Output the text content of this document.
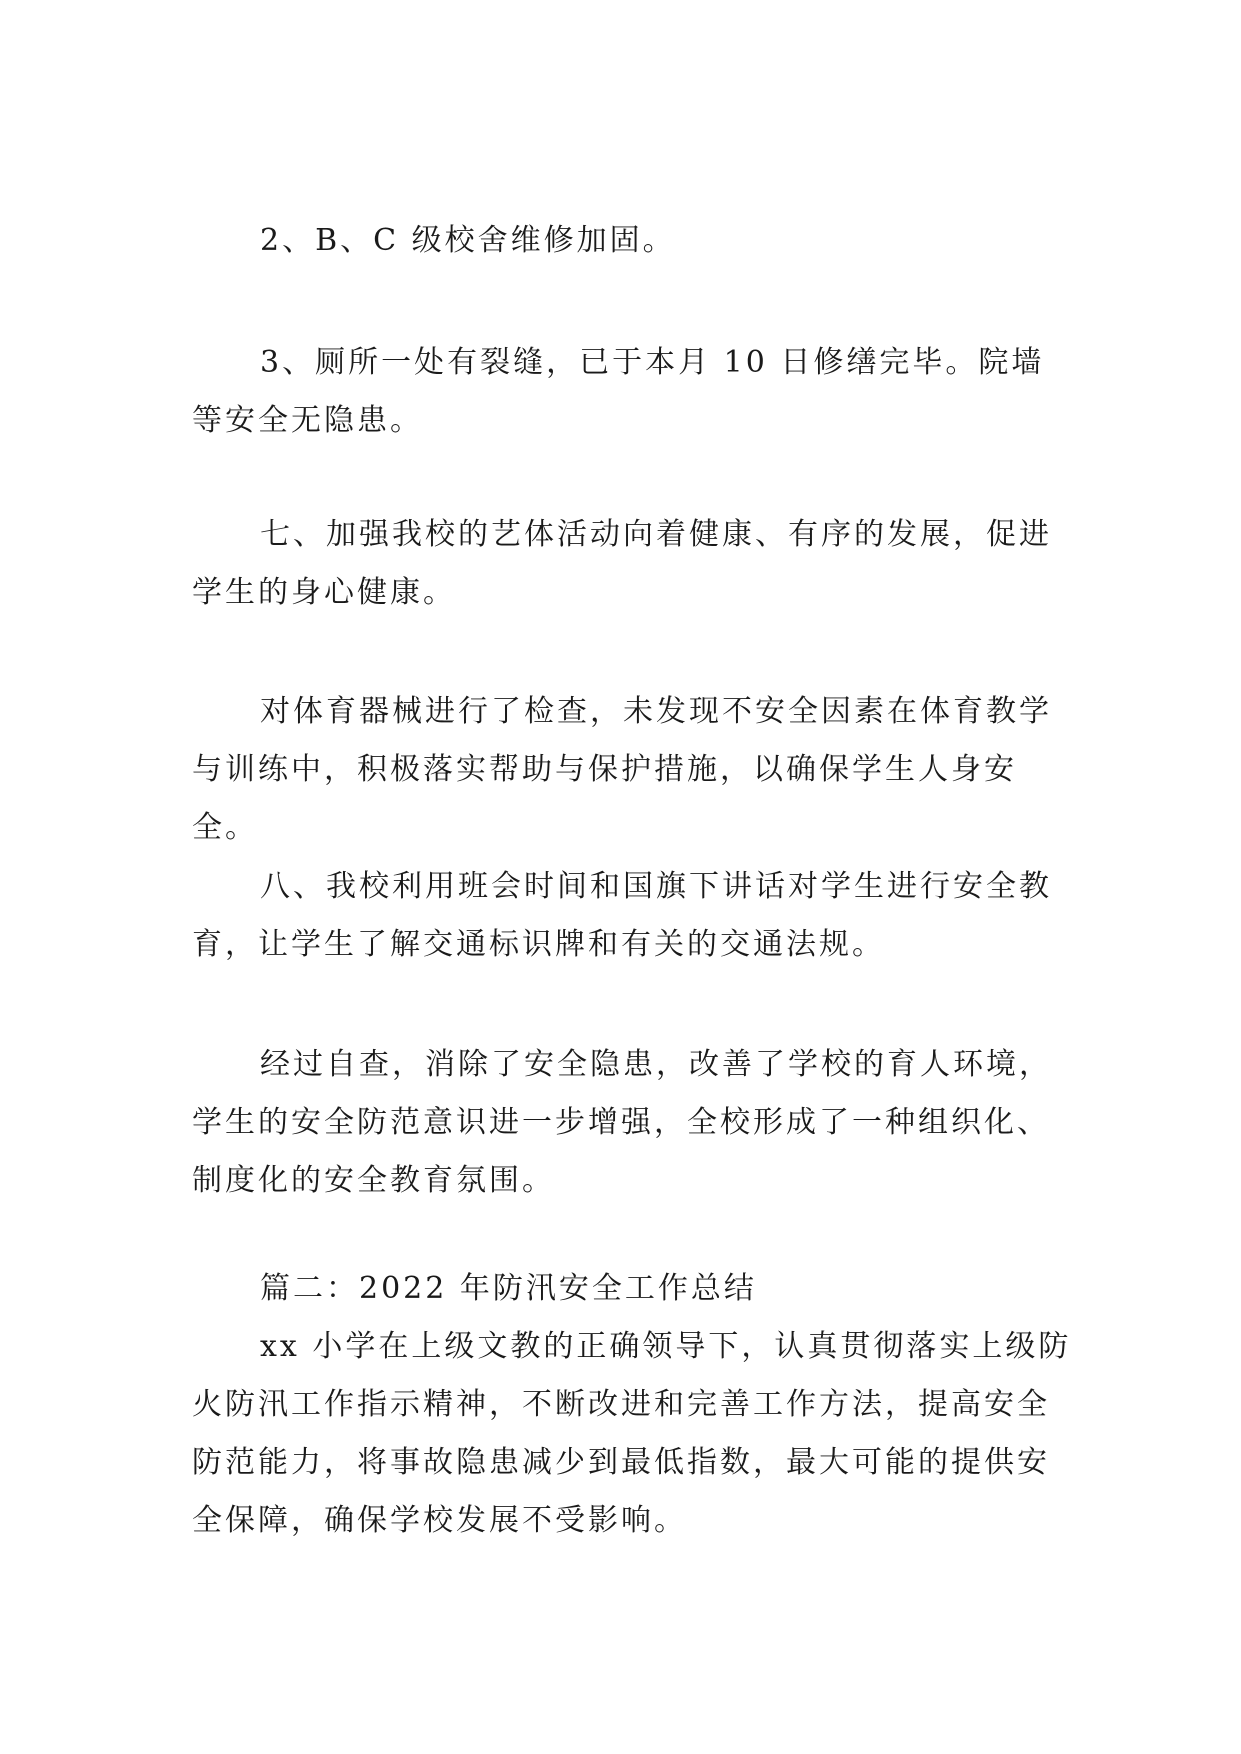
2、B、C 级校舍维修加固。

3、厕所一处有裂缝，已于本月 10 日修缮完毕。院墙等安全无隐患。

七、加强我校的艺体活动向着健康、有序的发展，促进学生的身心健康。

对体育器械进行了检查，未发现不安全因素在体育教学与训练中，积极落实帮助与保护措施，以确保学生人身安全。

八、我校利用班会时间和国旗下讲话对学生进行安全教育，让学生了解交通标识牌和有关的交通法规。

经过自查，消除了安全隐患，改善了学校的育人环境，学生的安全防范意识进一步增强，全校形成了一种组织化、制度化的安全教育氛围。

篇二：2022 年防汛安全工作总结

xx 小学在上级文教的正确领导下，认真贯彻落实上级防火防汛工作指示精神，不断改进和完善工作方法，提高安全防范能力，将事故隐患减少到最低指数，最大可能的提供安全保障，确保学校发展不受影响。
